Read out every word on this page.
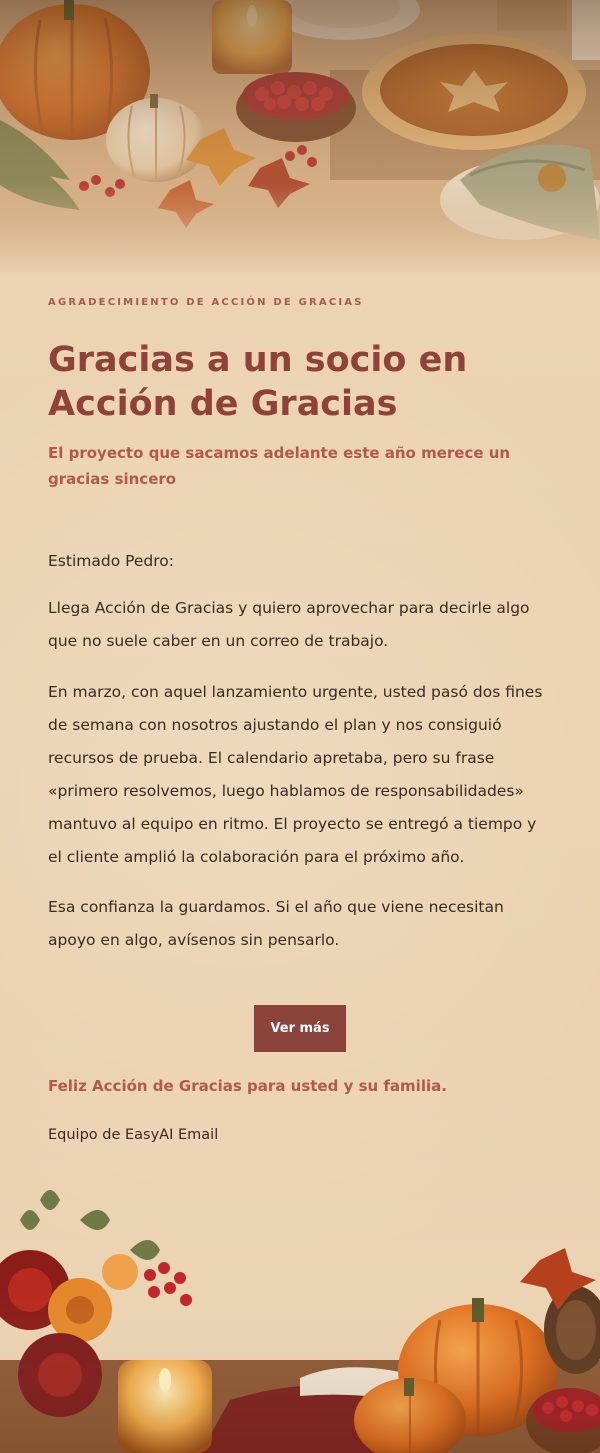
AGRADECIMIENTO DE ACCIÓN DE GRACIAS
Gracias a un socio en Acción de Gracias

El proyecto que sacamos adelante este año merece un gracias sincero

Estimado Pedro:

Llega Acción de Gracias y quiero aprovechar para decirle algo que no suele caber en un correo de trabajo.

En marzo, con aquel lanzamiento urgente, usted pasó dos fines de semana con nosotros ajustando el plan y nos consiguió recursos de prueba. El calendario apretaba, pero su frase «primero resolvemos, luego hablamos de responsabilidades» mantuvo al equipo en ritmo. El proyecto se entregó a tiempo y el cliente amplió la colaboración para el próximo año.

Esa confianza la guardamos. Si el año que viene necesitan apoyo en algo, avísenos sin pensarlo.

Ver más

Feliz Acción de Gracias para usted y su familia.

Equipo de EasyAI Email
